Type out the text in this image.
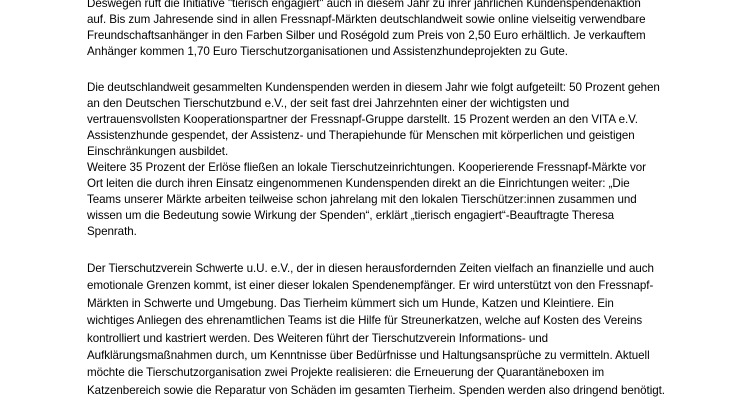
Deswegen ruft die Initiative "tierisch engagiert" auch in diesem Jahr zu ihrer jährlichen Kundenspendenaktion
auf. Bis zum Jahresende sind in allen Fressnapf-Märkten deutschlandweit sowie online vielseitig verwendbare
Freundschaftsanhänger in den Farben Silber und Roségold zum Preis von 2,50 Euro erhältlich. Je verkauftem
Anhänger kommen 1,70 Euro Tierschutzorganisationen und Assistenzhundeprojekten zu Gute.
Die deutschlandweit gesammelten Kundenspenden werden in diesem Jahr wie folgt aufgeteilt: 50 Prozent gehen
an den Deutschen Tierschutzbund e.V., der seit fast drei Jahrzehnten einer der wichtigsten und
vertrauensvollsten Kooperationspartner der Fressnapf-Gruppe darstellt. 15 Prozent werden an den VITA e.V.
Assistenzhunde gespendet, der Assistenz- und Therapiehunde für Menschen mit körperlichen und geistigen
Einschränkungen ausbildet.
Weitere 35 Prozent der Erlöse fließen an lokale Tierschutzeinrichtungen. Kooperierende Fressnapf-Märkte vor
Ort leiten die durch ihren Einsatz eingenommenen Kundenspenden direkt an die Einrichtungen weiter: „Die
Teams unserer Märkte arbeiten teilweise schon jahrelang mit den lokalen Tierschützer:innen zusammen und
wissen um die Bedeutung sowie Wirkung der Spenden“, erklärt „tierisch engagiert“-Beauftragte Theresa
Spenrath.
Der Tierschutzverein Schwerte u.U. e.V., der in diesen herausfordernden Zeiten vielfach an finanzielle und auch
emotionale Grenzen kommt, ist einer dieser lokalen Spendenempfänger. Er wird unterstützt von den Fressnapf-
Märkten in Schwerte und Umgebung. Das Tierheim kümmert sich um Hunde, Katzen und Kleintiere. Ein
wichtiges Anliegen des ehrenamtlichen Teams ist die Hilfe für Streunerkatzen, welche auf Kosten des Vereins
kontrolliert und kastriert werden. Des Weiteren führt der Tierschutzverein Informations- und
Aufklärungsmaßnahmen durch, um Kenntnisse über Bedürfnisse und Haltungsansprüche zu vermitteln. Aktuell
möchte die Tierschutzorganisation zwei Projekte realisieren: die Erneuerung der Quarantäneboxen im
Katzenbereich sowie die Reparatur von Schäden im gesamten Tierheim. Spenden werden also dringend benötigt.
